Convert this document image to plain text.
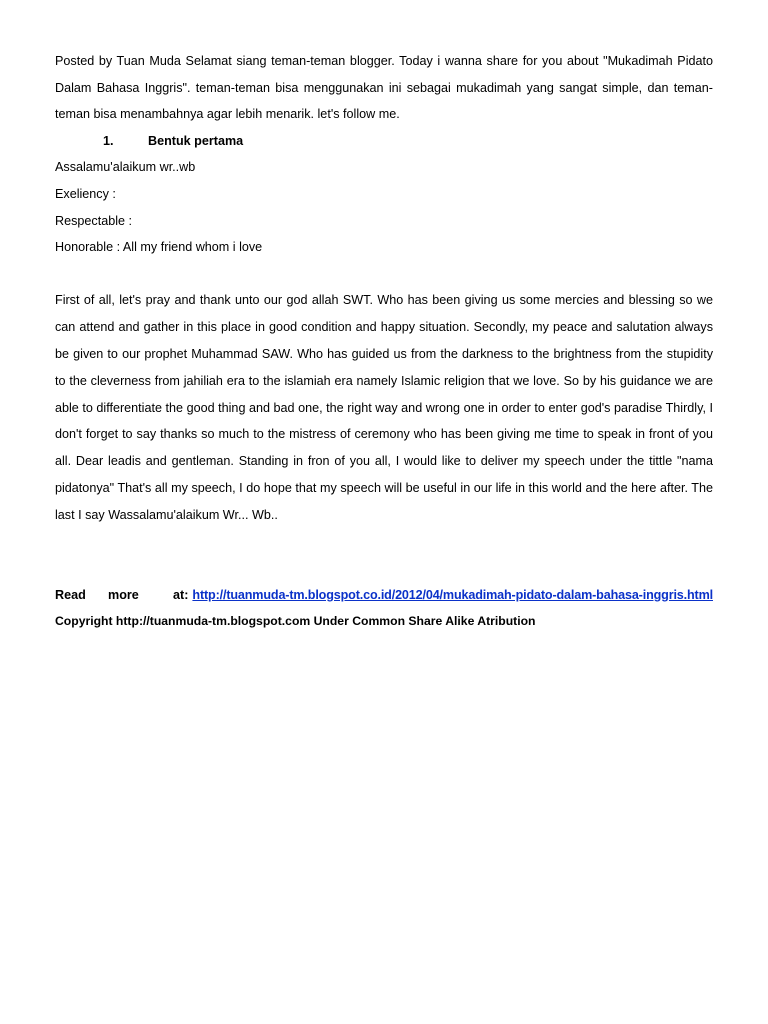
Posted by Tuan Muda Selamat siang teman-teman blogger. Today i wanna share for you about "Mukadimah Pidato Dalam Bahasa Inggris". teman-teman bisa menggunakan ini sebagai mukadimah yang sangat simple, dan teman-teman bisa menambahnya agar lebih menarik. let's follow me.

1.	Bentuk pertama

Assalamu'alaikum wr..wb

Exeliency :

Respectable :

Honorable : All my friend whom i love

First of all, let's pray and thank unto our god allah SWT. Who has been giving us some mercies and blessing so we can attend and gather in this place in good condition and happy situation. Secondly, my peace and salutation always be given to our prophet Muhammad SAW. Who has guided us from the darkness to the brightness from the stupidity to the cleverness from jahiliah era to the islamiah era namely Islamic religion that we love. So by his guidance we are able to differentiate the good thing and bad one, the right way and wrong one in order to enter god's paradise Thirdly, I don't forget to say thanks so much to the mistress of ceremony who has been giving me time to speak in front of you all. Dear leadis and gentleman. Standing in fron of you all, I would like to deliver my speech under the tittle "nama pidatonya" That's all my speech, I do hope that my speech will be useful in our life in this world and the here after. The last I say Wassalamu'alaikum Wr... Wb..

Read	more	at: http://tuanmuda-tm.blogspot.co.id/2012/04/mukadimah-pidato-dalam-bahasa-inggris.html

Copyright http://tuanmuda-tm.blogspot.com Under Common Share Alike Atribution
